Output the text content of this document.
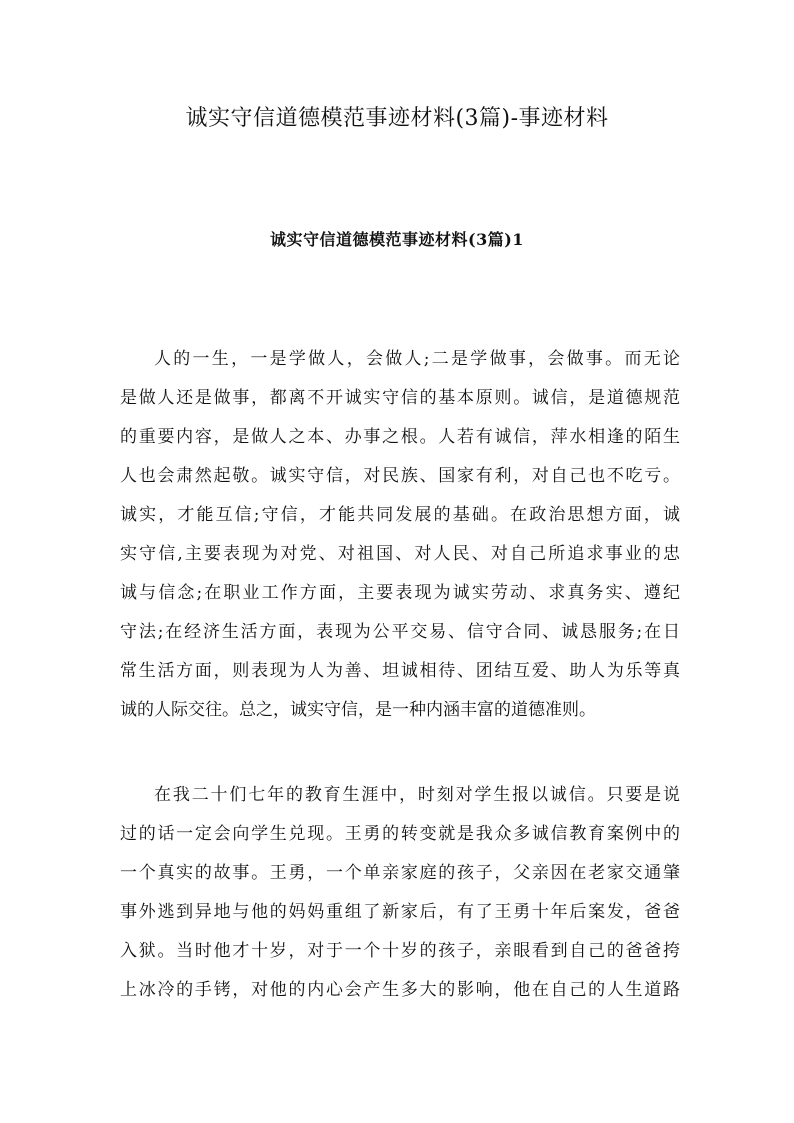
诚实守信道德模范事迹材料(3篇)-事迹材料
诚实守信道德模范事迹材料(3篇)1
人的一生，一是学做人，会做人;二是学做事，会做事。而无论
是做人还是做事，都离不开诚实守信的基本原则。诚信，是道德规范
的重要内容，是做人之本、办事之根。人若有诚信，萍水相逢的陌生
人也会肃然起敬。诚实守信，对民族、国家有利，对自己也不吃亏。
诚实，才能互信;守信，才能共同发展的基础。在政治思想方面，诚
实守信,主要表现为对党、对祖国、对人民、对自己所追求事业的忠
诚与信念;在职业工作方面，主要表现为诚实劳动、求真务实、遵纪
守法;在经济生活方面，表现为公平交易、信守合同、诚恳服务;在日
常生活方面，则表现为人为善、坦诚相待、团结互爱、助人为乐等真
诚的人际交往。总之，诚实守信，是一种内涵丰富的道德准则。
在我二十们七年的教育生涯中，时刻对学生报以诚信。只要是说
过的话一定会向学生兑现。王勇的转变就是我众多诚信教育案例中的
一个真实的故事。王勇，一个单亲家庭的孩子，父亲因在老家交通肇
事外逃到异地与他的妈妈重组了新家后，有了王勇十年后案发，爸爸
入狱。当时他才十岁，对于一个十岁的孩子，亲眼看到自己的爸爸挎
上冰冷的手铐，对他的内心会产生多大的影响，他在自己的人生道路
